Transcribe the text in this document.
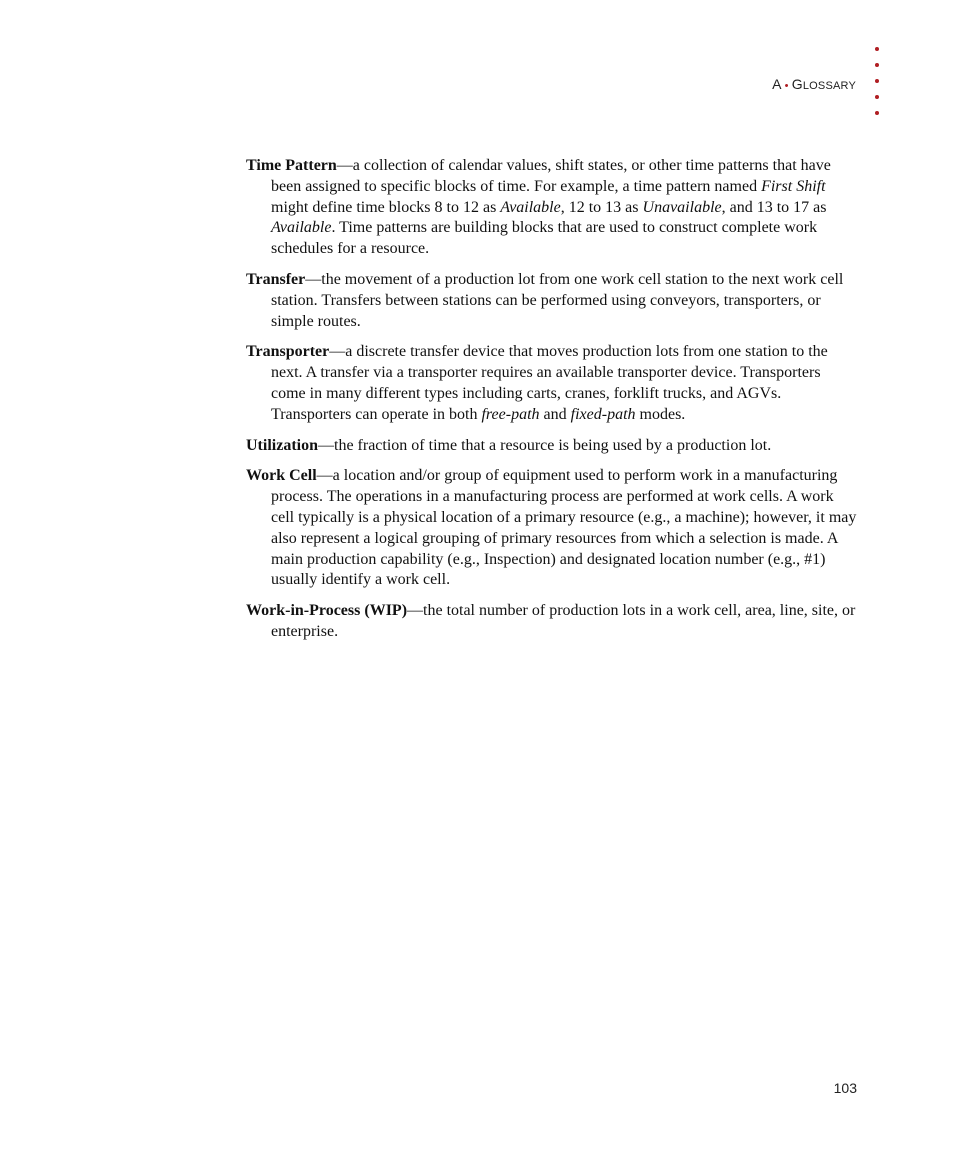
A • GLOSSARY

Time Pattern—a collection of calendar values, shift states, or other time patterns that have been assigned to specific blocks of time. For example, a time pattern named First Shift might define time blocks 8 to 12 as Available, 12 to 13 as Unavailable, and 13 to 17 as Available. Time patterns are building blocks that are used to construct complete work schedules for a resource.

Transfer—the movement of a production lot from one work cell station to the next work cell station. Transfers between stations can be performed using conveyors, transporters, or simple routes.

Transporter—a discrete transfer device that moves production lots from one station to the next. A transfer via a transporter requires an available transporter device. Transporters come in many different types including carts, cranes, forklift trucks, and AGVs. Transporters can operate in both free-path and fixed-path modes.

Utilization—the fraction of time that a resource is being used by a production lot.

Work Cell—a location and/or group of equipment used to perform work in a manufacturing process. The operations in a manufacturing process are performed at work cells. A work cell typically is a physical location of a primary resource (e.g., a machine); however, it may also represent a logical grouping of primary resources from which a selection is made. A main production capability (e.g., Inspection) and designated location number (e.g., #1) usually identify a work cell.

Work-in-Process (WIP)—the total number of production lots in a work cell, area, line, site, or enterprise.

103
